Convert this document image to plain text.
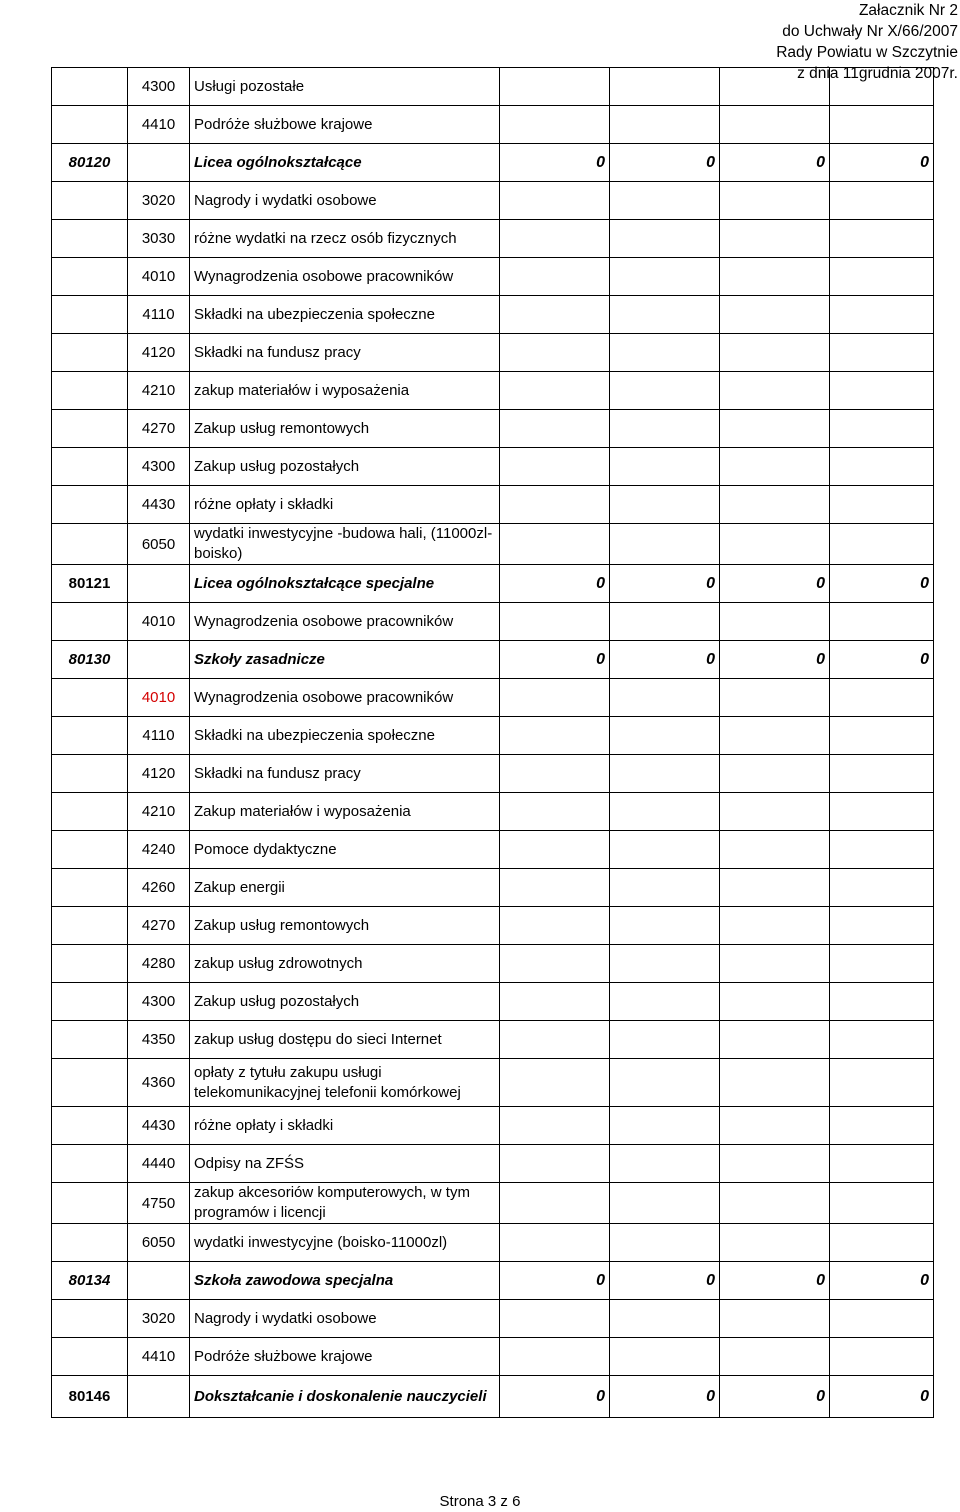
Załacznik Nr 2
do Uchwały Nr X/66/2007
Rady Powiatu w Szczytnie
z dnia 11grudnia 2007r.
	4300	Usługi pozostałe				
	4410	Podróże służbowe krajowe				
80120		Licea ogólnokształcące	0	0	0	0
	3020	Nagrody i wydatki osobowe				
	3030	różne wydatki na rzecz osób fizycznych				
	4010	Wynagrodzenia osobowe pracowników				
	4110	Składki na ubezpieczenia społeczne				
	4120	Składki na fundusz pracy				
	4210	zakup materiałów i wyposażenia				
	4270	Zakup usług remontowych				
	4300	Zakup usług pozostałych				
	4430	różne opłaty i składki				
	6050	wydatki inwestycyjne -budowa hali, (11000zl-boisko)				
80121		Licea ogólnokształcące specjalne	0	0	0	0
	4010	Wynagrodzenia osobowe pracowników				
80130		Szkoły zasadnicze	0	0	0	0
	4010	Wynagrodzenia osobowe pracowników				
	4110	Składki na ubezpieczenia społeczne				
	4120	Składki na fundusz pracy				
	4210	Zakup materiałów i wyposażenia				
	4240	Pomoce dydaktyczne				
	4260	Zakup energii				
	4270	Zakup usług remontowych				
	4280	zakup usług zdrowotnych				
	4300	Zakup usług pozostałych				
	4350	zakup usług dostępu do sieci Internet				
	4360	opłaty z tytułu zakupu usługi telekomunikacyjnej telefonii komórkowej				
	4430	różne opłaty i składki				
	4440	Odpisy na ZFŚS				
	4750	zakup akcesoriów komputerowych, w tym programów i licencji				
	6050	wydatki inwestycyjne (boisko-11000zl)				
80134		Szkoła zawodowa specjalna	0	0	0	0
	3020	Nagrody i wydatki osobowe				
	4410	Podróże służbowe krajowe				
80146		Dokształcanie i doskonalenie nauczycieli	0	0	0	0
Strona 3 z 6
